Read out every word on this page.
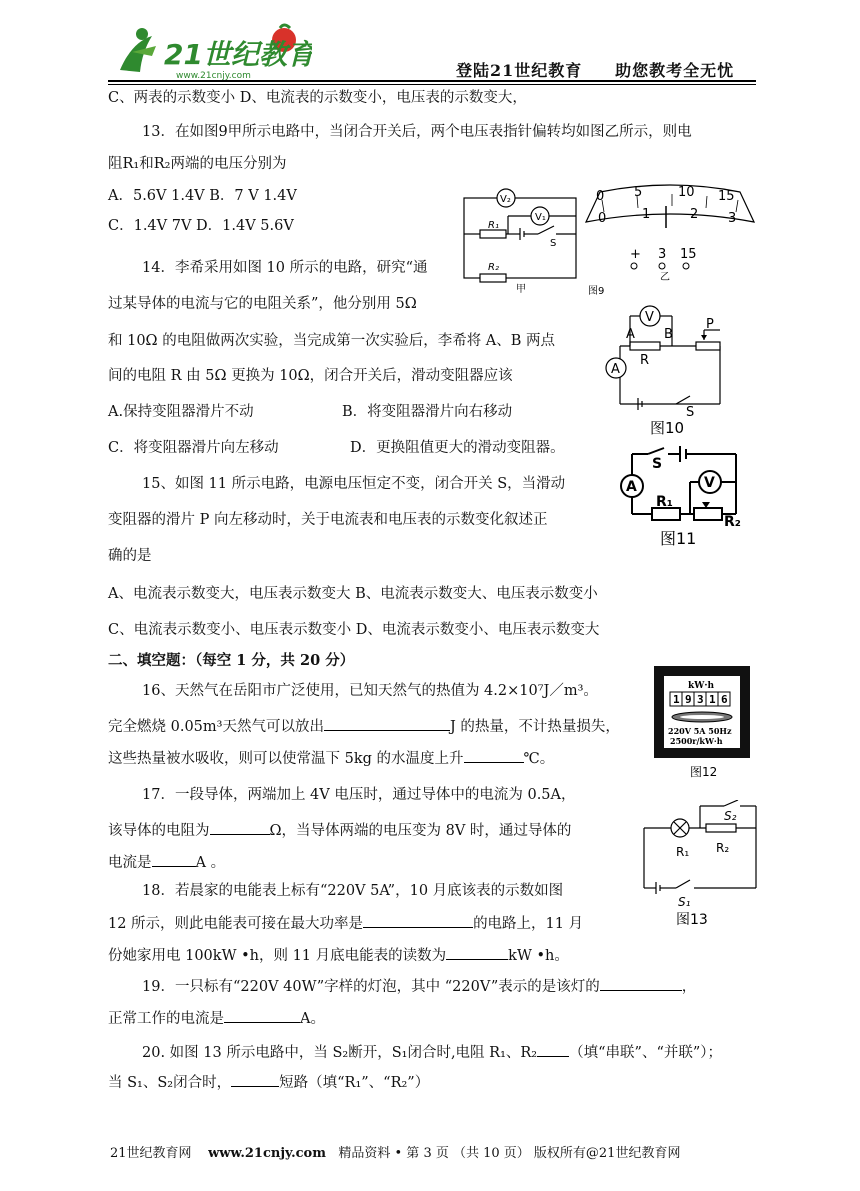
21世纪教育
www.21cnjy.com	登陆21世纪教育 助您教考全无忧
C、两表的示数变小 D、电流表的示数变小，电压表的示数变大，
13．在如图9甲所示电路中，当闭合开关后，两个电压表指针偏转均如图乙所示，则电
阻R₁和R₂两端的电压分别为
A．5.6V 1.4V B．7 V 1.4V
C．1.4V 7V D．1.4V 5.6V
14．李希采用如图 10 所示的电路，研究“通
过某导体的电流与它的电阻关系”，他分别用 5Ω
和 10Ω 的电阻做两次实验，当完成第一次实验后，李希将 A、B 两点
间的电阻 R 由 5Ω 更换为 10Ω，闭合开关后，滑动变阻器应该
A.保持变阻器滑片不动	B．将变阻器滑片向右移动
C．将变阻器滑片向左移动	D．更换阻值更大的滑动变阻器。
15、如图 11 所示电路，电源电压恒定不变，闭合开关 S，当滑动
变阻器的滑片 P 向左移动时，关于电流表和电压表的示数变化叙述正
确的是
A、电流表示数变大，电压表示数变大 B、电流表示数变大、电压表示数变小
C、电流表示数变小、电压表示数变小 D、电流表示数变小、电压表示数变大
二、填空题：（每空 1 分，共 20 分）
16、天然气在岳阳市广泛使用，已知天然气的热值为 4.2×10⁷J／m³。
完全燃烧 0.05m³天然气可以放出	J 的热量，不计热量损失，
这些热量被水吸收，则可以使常温下 5kg 的水温度上升	℃。
17．一段导体，两端加上 4V 电压时，通过导体中的电流为 0.5A，
该导体的电阻为	Ω，当导体两端的电压变为 8V 时，通过导体的
电流是	A 。
18．若晨家的电能表上标有“220V 5A”，10 月底该表的示数如图
12 所示，则此电能表可接在最大功率是	的电路上，11 月
份她家用电 100kW •h，则 11 月底电能表的读数为	kW •h。
19．一只标有“220V 40W”字样的灯泡，其中 “220V”表示的是该灯的	，
正常工作的电流是	A。
20. 如图 13 所示电路中，当 S₂断开，S₁闭合时,电阻 R₁、R₂ （填“串联”、“并联”）；
当 S₁、S₂闭合时，	短路（填“R₁”、“R₂”）
V₂
V₁
R₁
R₂
S
甲	图9
0 5	10 15
0	1	2 3
+ 3 15
乙
V
A B
P
R
A
S
图10
S
A	V
R₁
R₂
图11
kW·h
1 9 3 1 6
220V 5A 50Hz
2500r/kW·h
图12
S₂
R₁ R₂
S₁
图13
21世纪教育网 www.21cnjy.com 精品资料 • 第 3 页 （共 10 页） 版权所有@21世纪教育网
